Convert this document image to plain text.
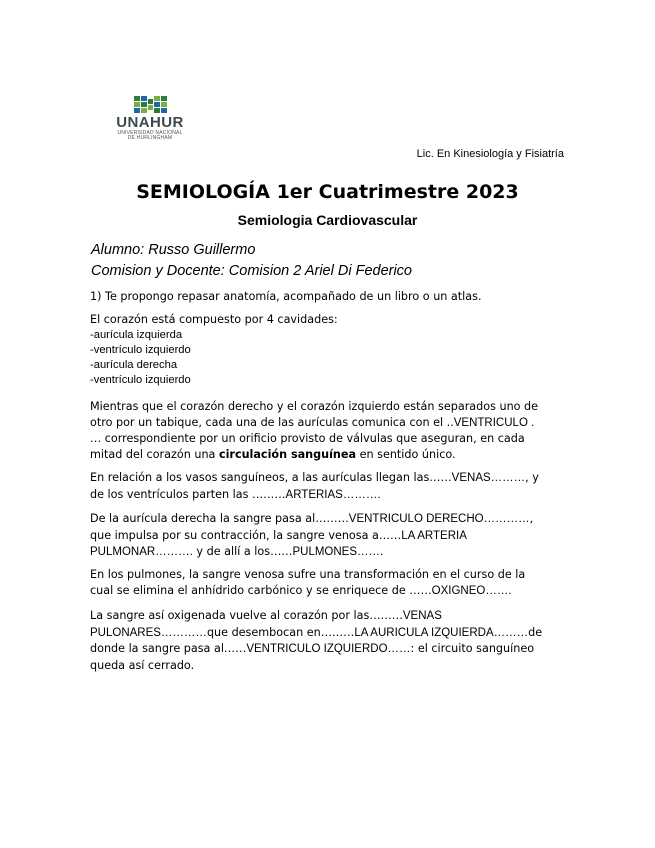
UNAHUR
UNIVERSIDAD NACIONAL
DE HURLINGHAM
Lic. En Kinesiología y Fisiatría
SEMIOLOGÍA 1er Cuatrimestre 2023
Semiologia Cardiovascular
Alumno: Russo Guillermo
Comision y Docente: Comision 2 Ariel Di Federico
1) Te propongo repasar anatomía, acompañado de un libro o un atlas.
El corazón está compuesto por 4 cavidades:
-aurícula izquierda
-ventrículo izquierdo
-aurícula derecha
-ventrículo izquierdo
Mientras que el corazón derecho y el corazón izquierdo están separados uno de
otro por un tabique, cada una de las aurículas comunica con el ..VENTRICULO .
… correspondiente por un orificio provisto de válvulas que aseguran, en cada
mitad del corazón una circulación sanguínea en sentido único.
En relación a los vasos sanguíneos, a las aurículas llegan las……VENAS………, y
de los ventrículos parten las ………ARTERIAS……….
De la aurícula derecha la sangre pasa al………VENTRICULO DERECHO…………,
que impulsa por su contracción, la sangre venosa a……LA ARTERIA
PULMONAR………. y de allí a los……PULMONES…….
En los pulmones, la sangre venosa sufre una transformación en el curso de la
cual se elimina el anhídrido carbónico y se enriquece de ……OXIGNEO…….
La sangre así oxigenada vuelve al corazón por las………VENAS
PULONARES…………que desembocan en………LA AURICULA IZQUIERDA………de
donde la sangre pasa al……VENTRICULO IZQUIERDO……: el circuito sanguíneo
queda así cerrado.
